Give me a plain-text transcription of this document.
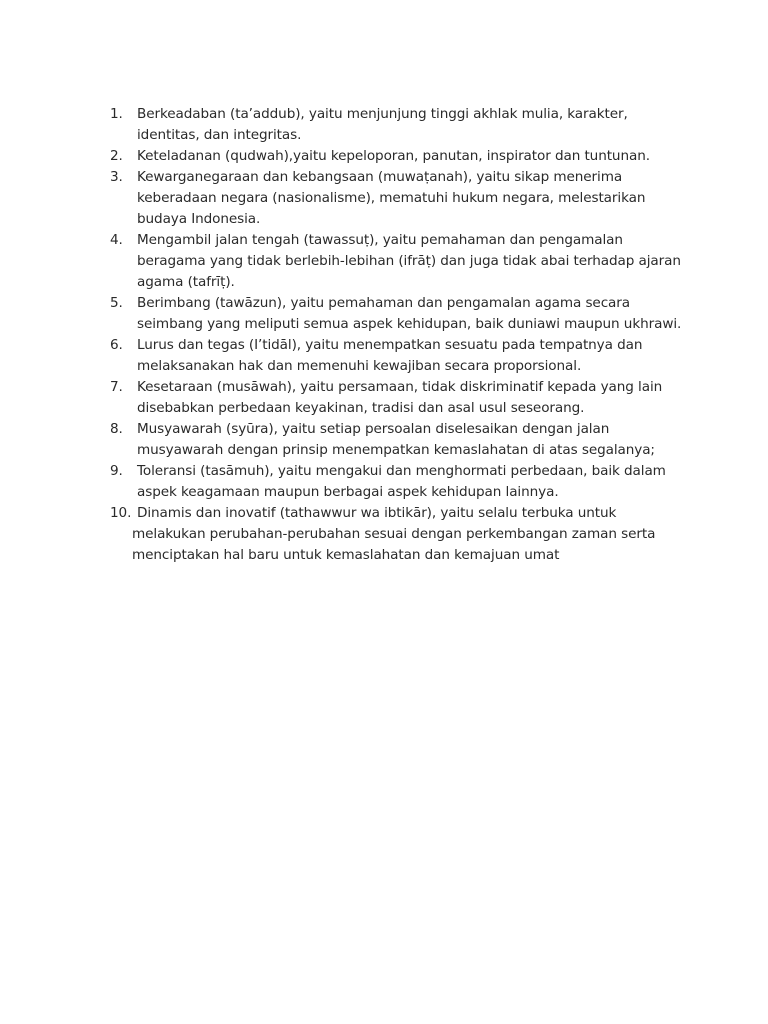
1.	Berkeadaban (ta’addub), yaitu menjunjung tinggi akhlak mulia, karakter, identitas, dan integritas.
2.	Keteladanan (qudwah),yaitu kepeloporan, panutan, inspirator dan tuntunan.
3.	Kewarganegaraan dan kebangsaan (muwaṭanah), yaitu sikap menerima keberadaan negara (nasionalisme), mematuhi hukum negara, melestarikan budaya Indonesia.
4.	Mengambil jalan tengah (tawassuṭ), yaitu pemahaman dan pengamalan beragama yang tidak berlebih-lebihan (ifrāṭ) dan juga tidak abai terhadap ajaran agama (tafrīṭ).
5.	Berimbang (tawāzun), yaitu pemahaman dan pengamalan agama secara seimbang yang meliputi semua aspek kehidupan, baik duniawi maupun ukhrawi.
6.	Lurus dan tegas (I’tidāl), yaitu menempatkan sesuatu pada tempatnya dan melaksanakan hak dan memenuhi kewajiban secara proporsional.
7.	Kesetaraan (musāwah), yaitu persamaan, tidak diskriminatif kepada yang lain disebabkan perbedaan keyakinan, tradisi dan asal usul seseorang.
8.	Musyawarah (syūra), yaitu setiap persoalan diselesaikan dengan jalan musyawarah dengan prinsip menempatkan kemaslahatan di atas segalanya;
9.	Toleransi (tasāmuh), yaitu mengakui dan menghormati perbedaan, baik dalam aspek keagamaan maupun berbagai aspek kehidupan lainnya.
10. Dinamis dan inovatif (tathawwur wa ibtikār), yaitu selalu terbuka untuk melakukan perubahan-perubahan sesuai dengan perkembangan zaman serta menciptakan hal baru untuk kemaslahatan dan kemajuan umat
